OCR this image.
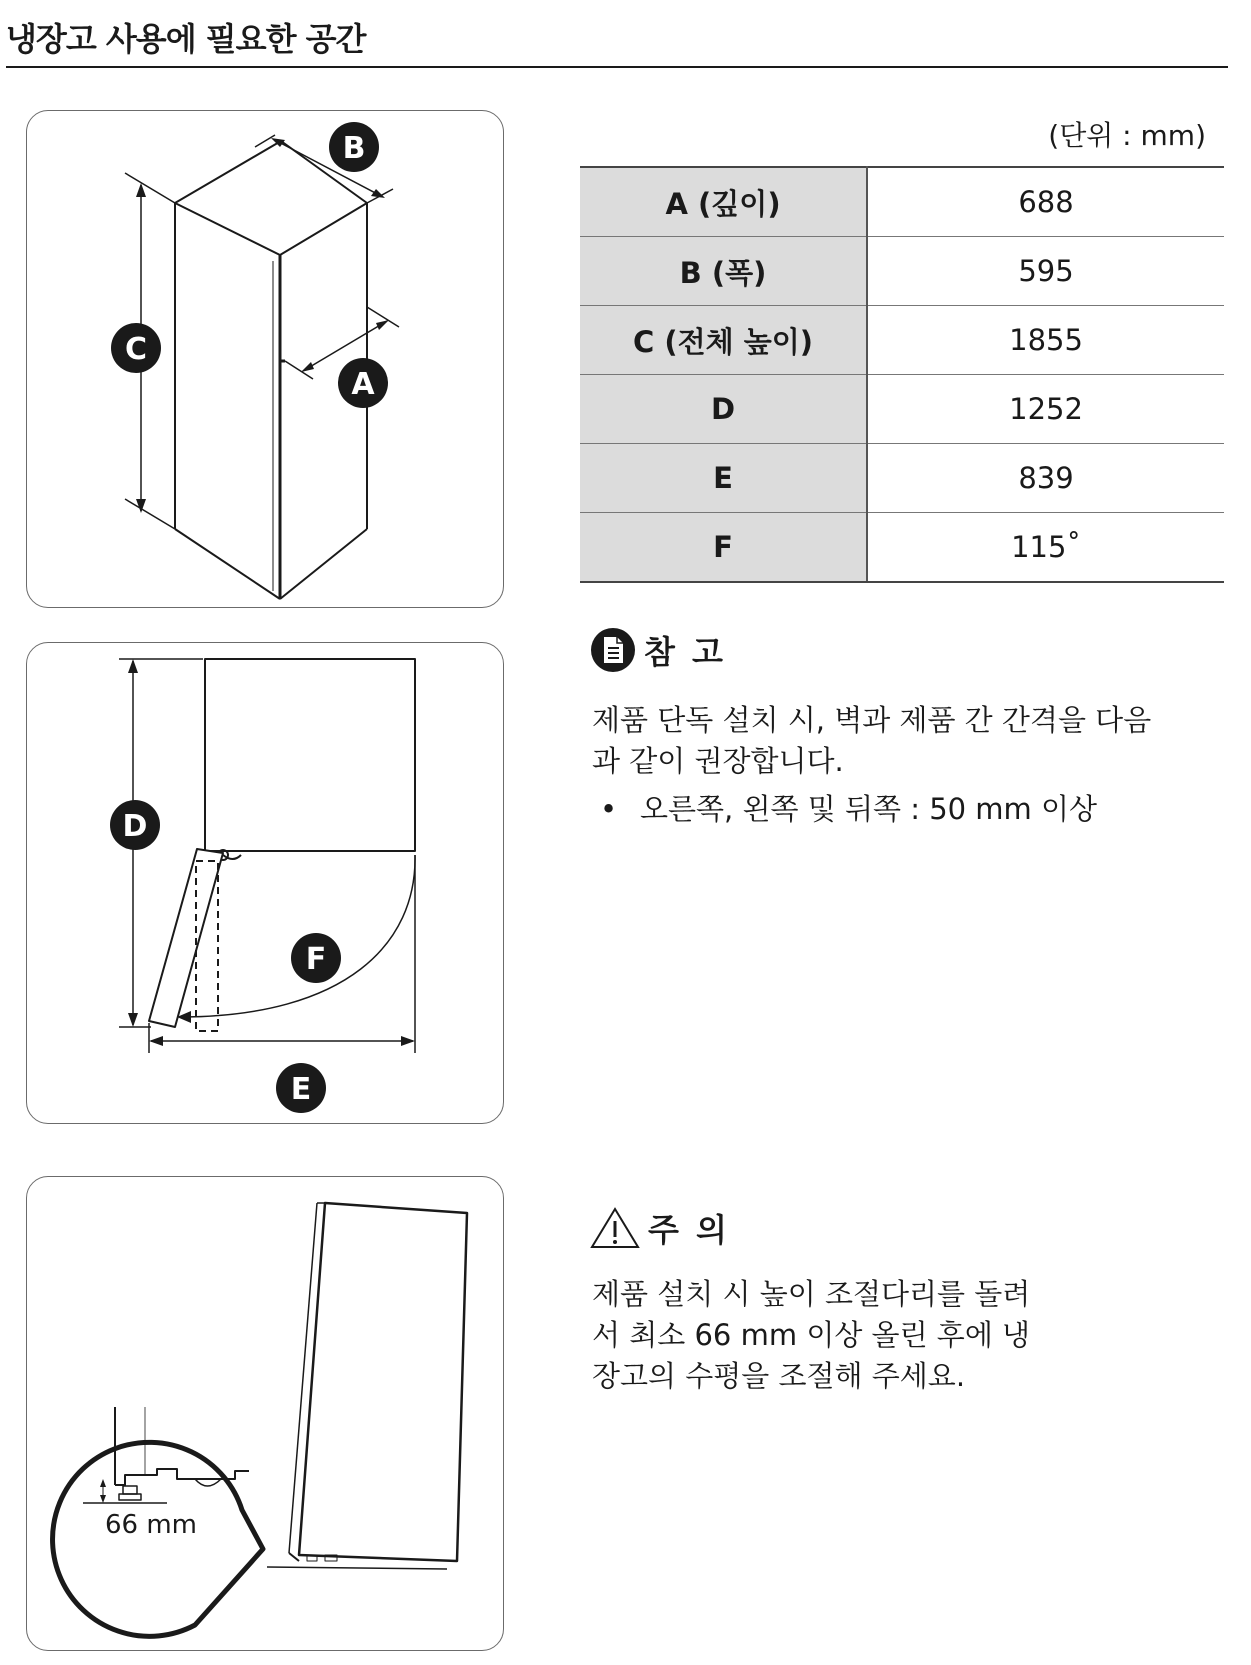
냉장고 사용에 필요한 공간
B
C
A
D
F
E
66 mm
(단위 : mm)
A (깊이)	688
B (폭)	595
C (전체 높이)	1855
D	1252
E	839
F	115˚
참 고

제품 단독 설치 시, 벽과 제품 간 간격을 다음과 같이 권장합니다.

• 오른쪽, 왼쪽 및 뒤쪽 : 50 mm 이상
주 의

제품 설치 시 높이 조절다리를 돌려서 최소 66 mm 이상 올린 후에 냉장고의 수평을 조절해 주세요.
